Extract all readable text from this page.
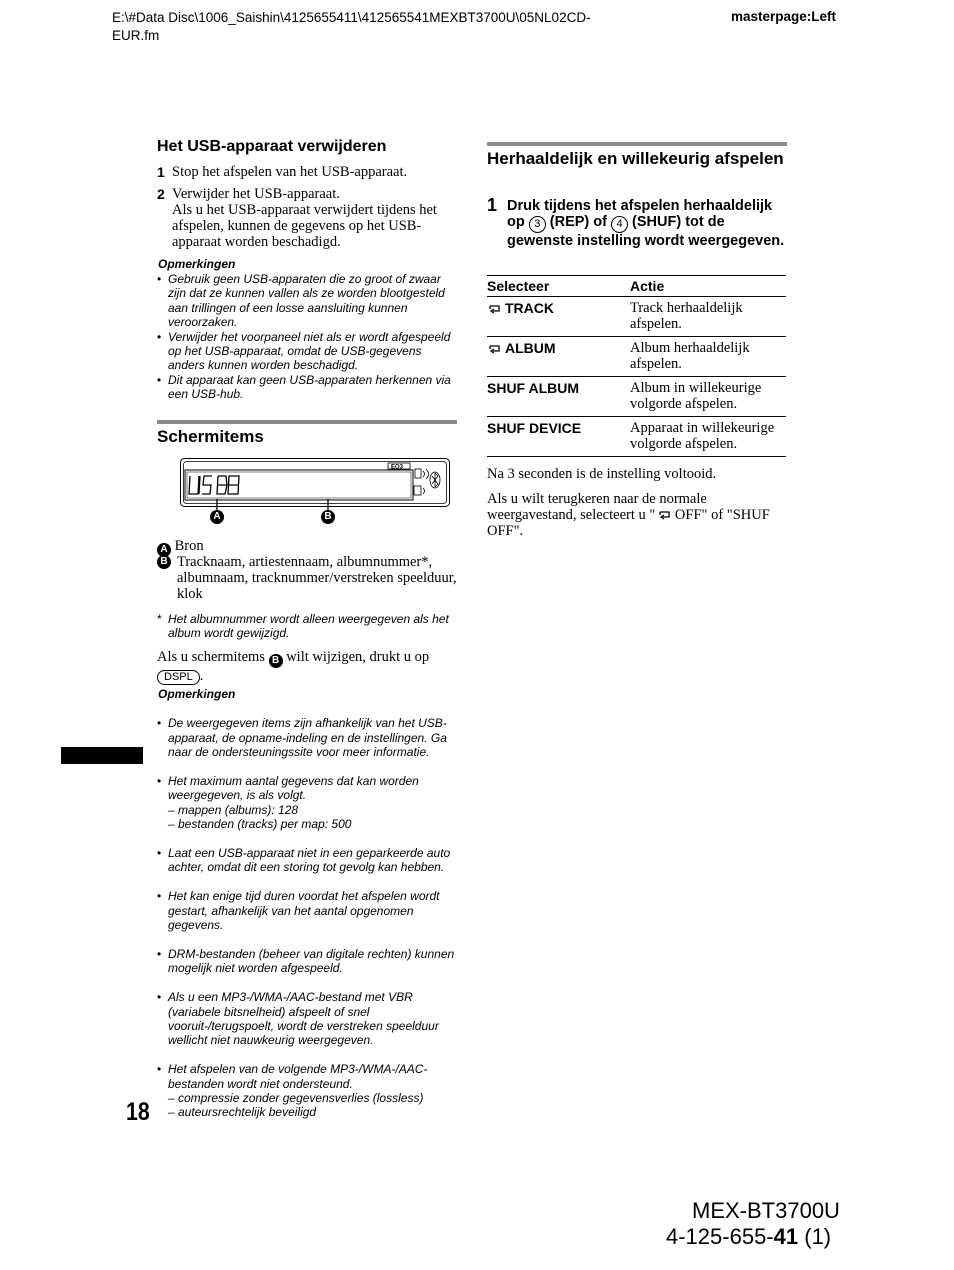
E:\#Data Disc\1006_Saishin\4125655411\412565541MEXBT3700U\05NL02CD-
EUR.fm
masterpage:Left
Het USB-apparaat verwijderen
1 Stop het afspelen van het USB-apparaat.
2 Verwijder het USB-apparaat.
Als u het USB-apparaat verwijdert tijdens het afspelen, kunnen de gegevens op het USB-apparaat worden beschadigd.
Opmerkingen
• Gebruik geen USB-apparaten die zo groot of zwaar zijn dat ze kunnen vallen als ze worden blootgesteld aan trillingen of een losse aansluiting kunnen veroorzaken.
• Verwijder het voorpaneel niet als er wordt afgespeeld op het USB-apparaat, omdat de USB-gegevens anders kunnen worden beschadigd.
• Dit apparaat kan geen USB-apparaten herkennen via een USB-hub.
Schermitems
EQ3
A	B
A Bron
B Tracknaam, artiestennaam, albumnummer*, albumnaam, tracknummer/verstreken speelduur, klok
* Het albumnummer wordt alleen weergegeven als het album wordt gewijzigd.
Als u schermitems B wilt wijzigen, drukt u op
DSPL .
Opmerkingen

• De weergegeven items zijn afhankelijk van het USB-apparaat, de opname-indeling en de instellingen. Ga naar de ondersteuningssite voor meer informatie.

• Het maximum aantal gegevens dat kan worden weergegeven, is als volgt.
– mappen (albums): 128
– bestanden (tracks) per map: 500

• Laat een USB-apparaat niet in een geparkeerde auto achter, omdat dit een storing tot gevolg kan hebben.

• Het kan enige tijd duren voordat het afspelen wordt gestart, afhankelijk van het aantal opgenomen gegevens.

• DRM-bestanden (beheer van digitale rechten) kunnen mogelijk niet worden afgespeeld.

• Als u een MP3-/WMA-/AAC-bestand met VBR (variabele bitsnelheid) afspeelt of snel vooruit-/terugspoelt, wordt de verstreken speelduur wellicht niet nauwkeurig weergegeven.

• Het afspelen van de volgende MP3-/WMA-/AAC-bestanden wordt niet ondersteund.
– compressie zonder gegevensverlies (lossless)
– auteursrechtelijk beveiligd

Herhaaldelijk en willekeurig afspelen
1 Druk tijdens het afspelen herhaaldelijk op 3 (REP) of 4 (SHUF) tot de gewenste instelling wordt weergegeven.
Selecteer	Actie
TRACK	Track herhaaldelijk afspelen.
ALBUM	Album herhaaldelijk afspelen.
SHUF ALBUM	Album in willekeurige volgorde afspelen.
SHUF DEVICE	Apparaat in willekeurige volgorde afspelen.
Na 3 seconden is de instelling voltooid.
Als u wilt terugkeren naar de normale weergavestand, selecteert u " OFF" of "SHUF OFF".
18
MEX-BT3700U
4-125-655-41 (1)
